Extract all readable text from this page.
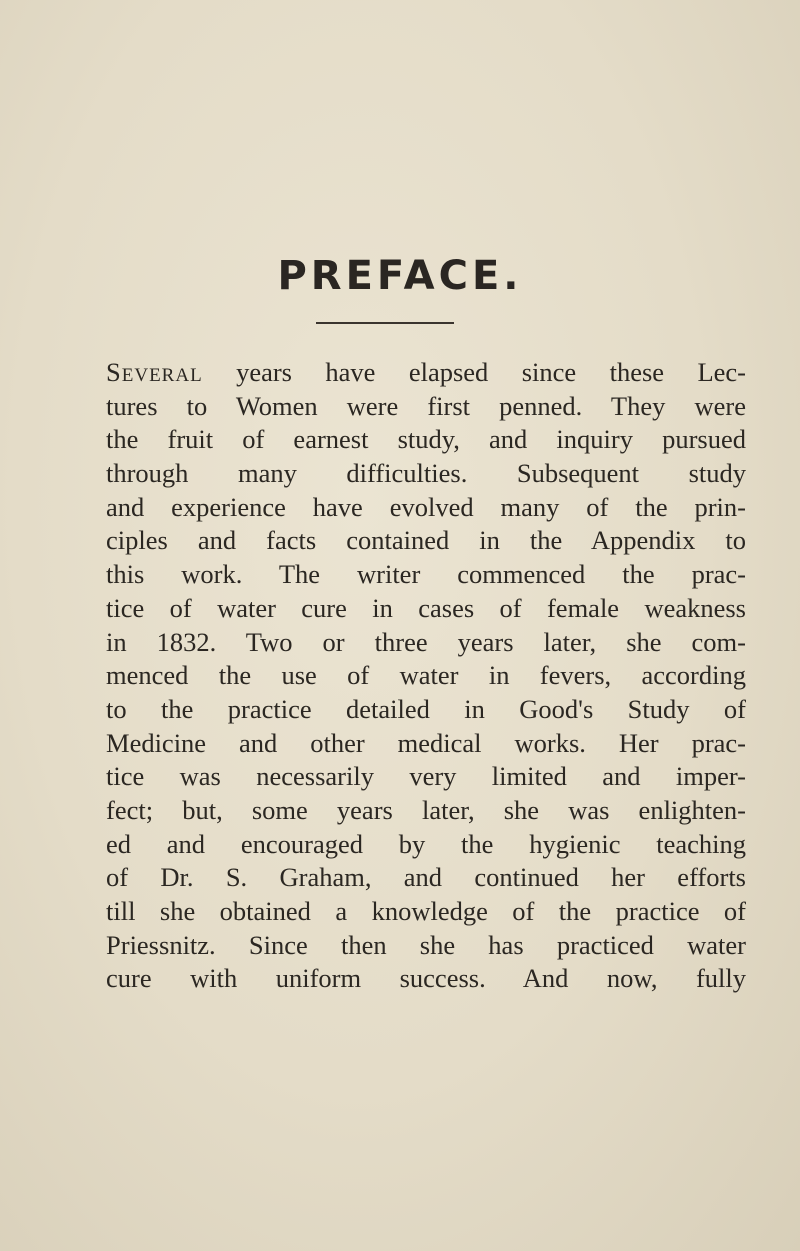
PREFACE.
Several years have elapsed since these Lec-
tures to Women were first penned. They were
the fruit of earnest study, and inquiry pursued
through many difficulties. Subsequent study
and experience have evolved many of the prin-
ciples and facts contained in the Appendix to
this work. The writer commenced the prac-
tice of water cure in cases of female weakness
in 1832. Two or three years later, she com-
menced the use of water in fevers, according
to the practice detailed in Good's Study of
Medicine and other medical works. Her prac-
tice was necessarily very limited and imper-
fect; but, some years later, she was enlighten-
ed and encouraged by the hygienic teaching
of Dr. S. Graham, and continued her efforts
till she obtained a knowledge of the practice of
Priessnitz. Since then she has practiced water
cure with uniform success. And now, fully
